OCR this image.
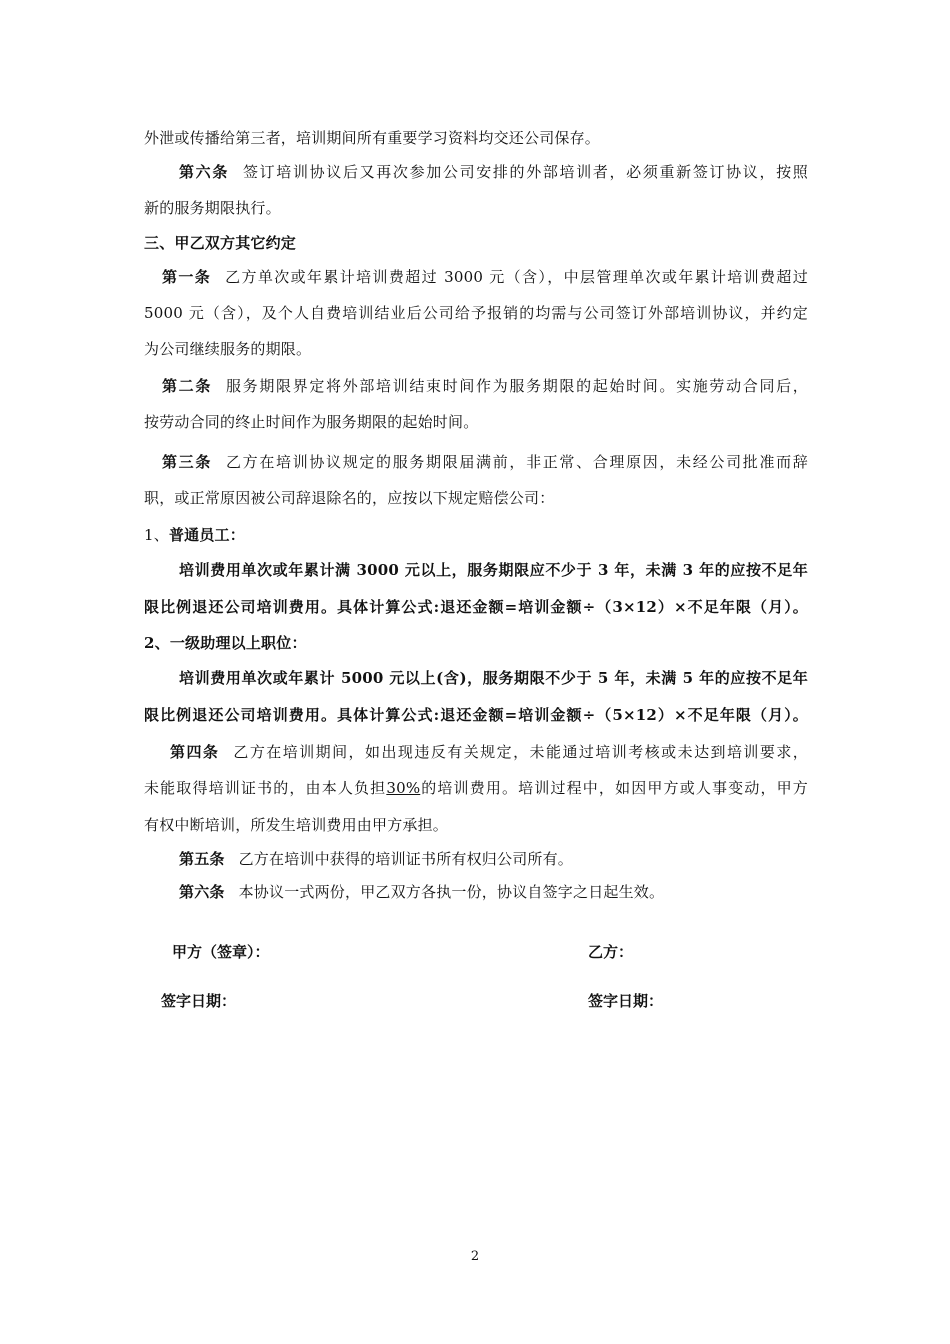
外泄或传播给第三者，培训期间所有重要学习资料均交还公司保存。
第六条 签订培训协议后又再次参加公司安排的外部培训者，必须重新签订协议，按照
新的服务期限执行。
三、甲乙双方其它约定
第一条 乙方单次或年累计培训费超过 3000 元（含），中层管理单次或年累计培训费超过
5000 元（含），及个人自费培训结业后公司给予报销的均需与公司签订外部培训协议，并约定
为公司继续服务的期限。
第二条 服务期限界定将外部培训结束时间作为服务期限的起始时间。实施劳动合同后，
按劳动合同的终止时间作为服务期限的起始时间。
第三条 乙方在培训协议规定的服务期限届满前，非正常、合理原因，未经公司批准而辞
职，或正常原因被公司辞退除名的，应按以下规定赔偿公司：
1、普通员工：
培训费用单次或年累计满 3000 元以上，服务期限应不少于 3 年，未满 3 年的应按不足年
限比例退还公司培训费用。具体计算公式:退还金额=培训金额÷（3×12）×不足年限（月）。
2、一级助理以上职位：
培训费用单次或年累计 5000 元以上(含)，服务期限不少于 5 年，未满 5 年的应按不足年
限比例退还公司培训费用。具体计算公式:退还金额=培训金额÷（5×12）×不足年限（月）。
第四条 乙方在培训期间，如出现违反有关规定，未能通过培训考核或未达到培训要求，
未能取得培训证书的，由本人负担30%的培训费用。培训过程中，如因甲方或人事变动，甲方
有权中断培训，所发生培训费用由甲方承担。
第五条 乙方在培训中获得的培训证书所有权归公司所有。
第六条 本协议一式两份，甲乙双方各执一份，协议自签字之日起生效。
甲方（签章）：	乙方：
签字日期：	签字日期：
2
